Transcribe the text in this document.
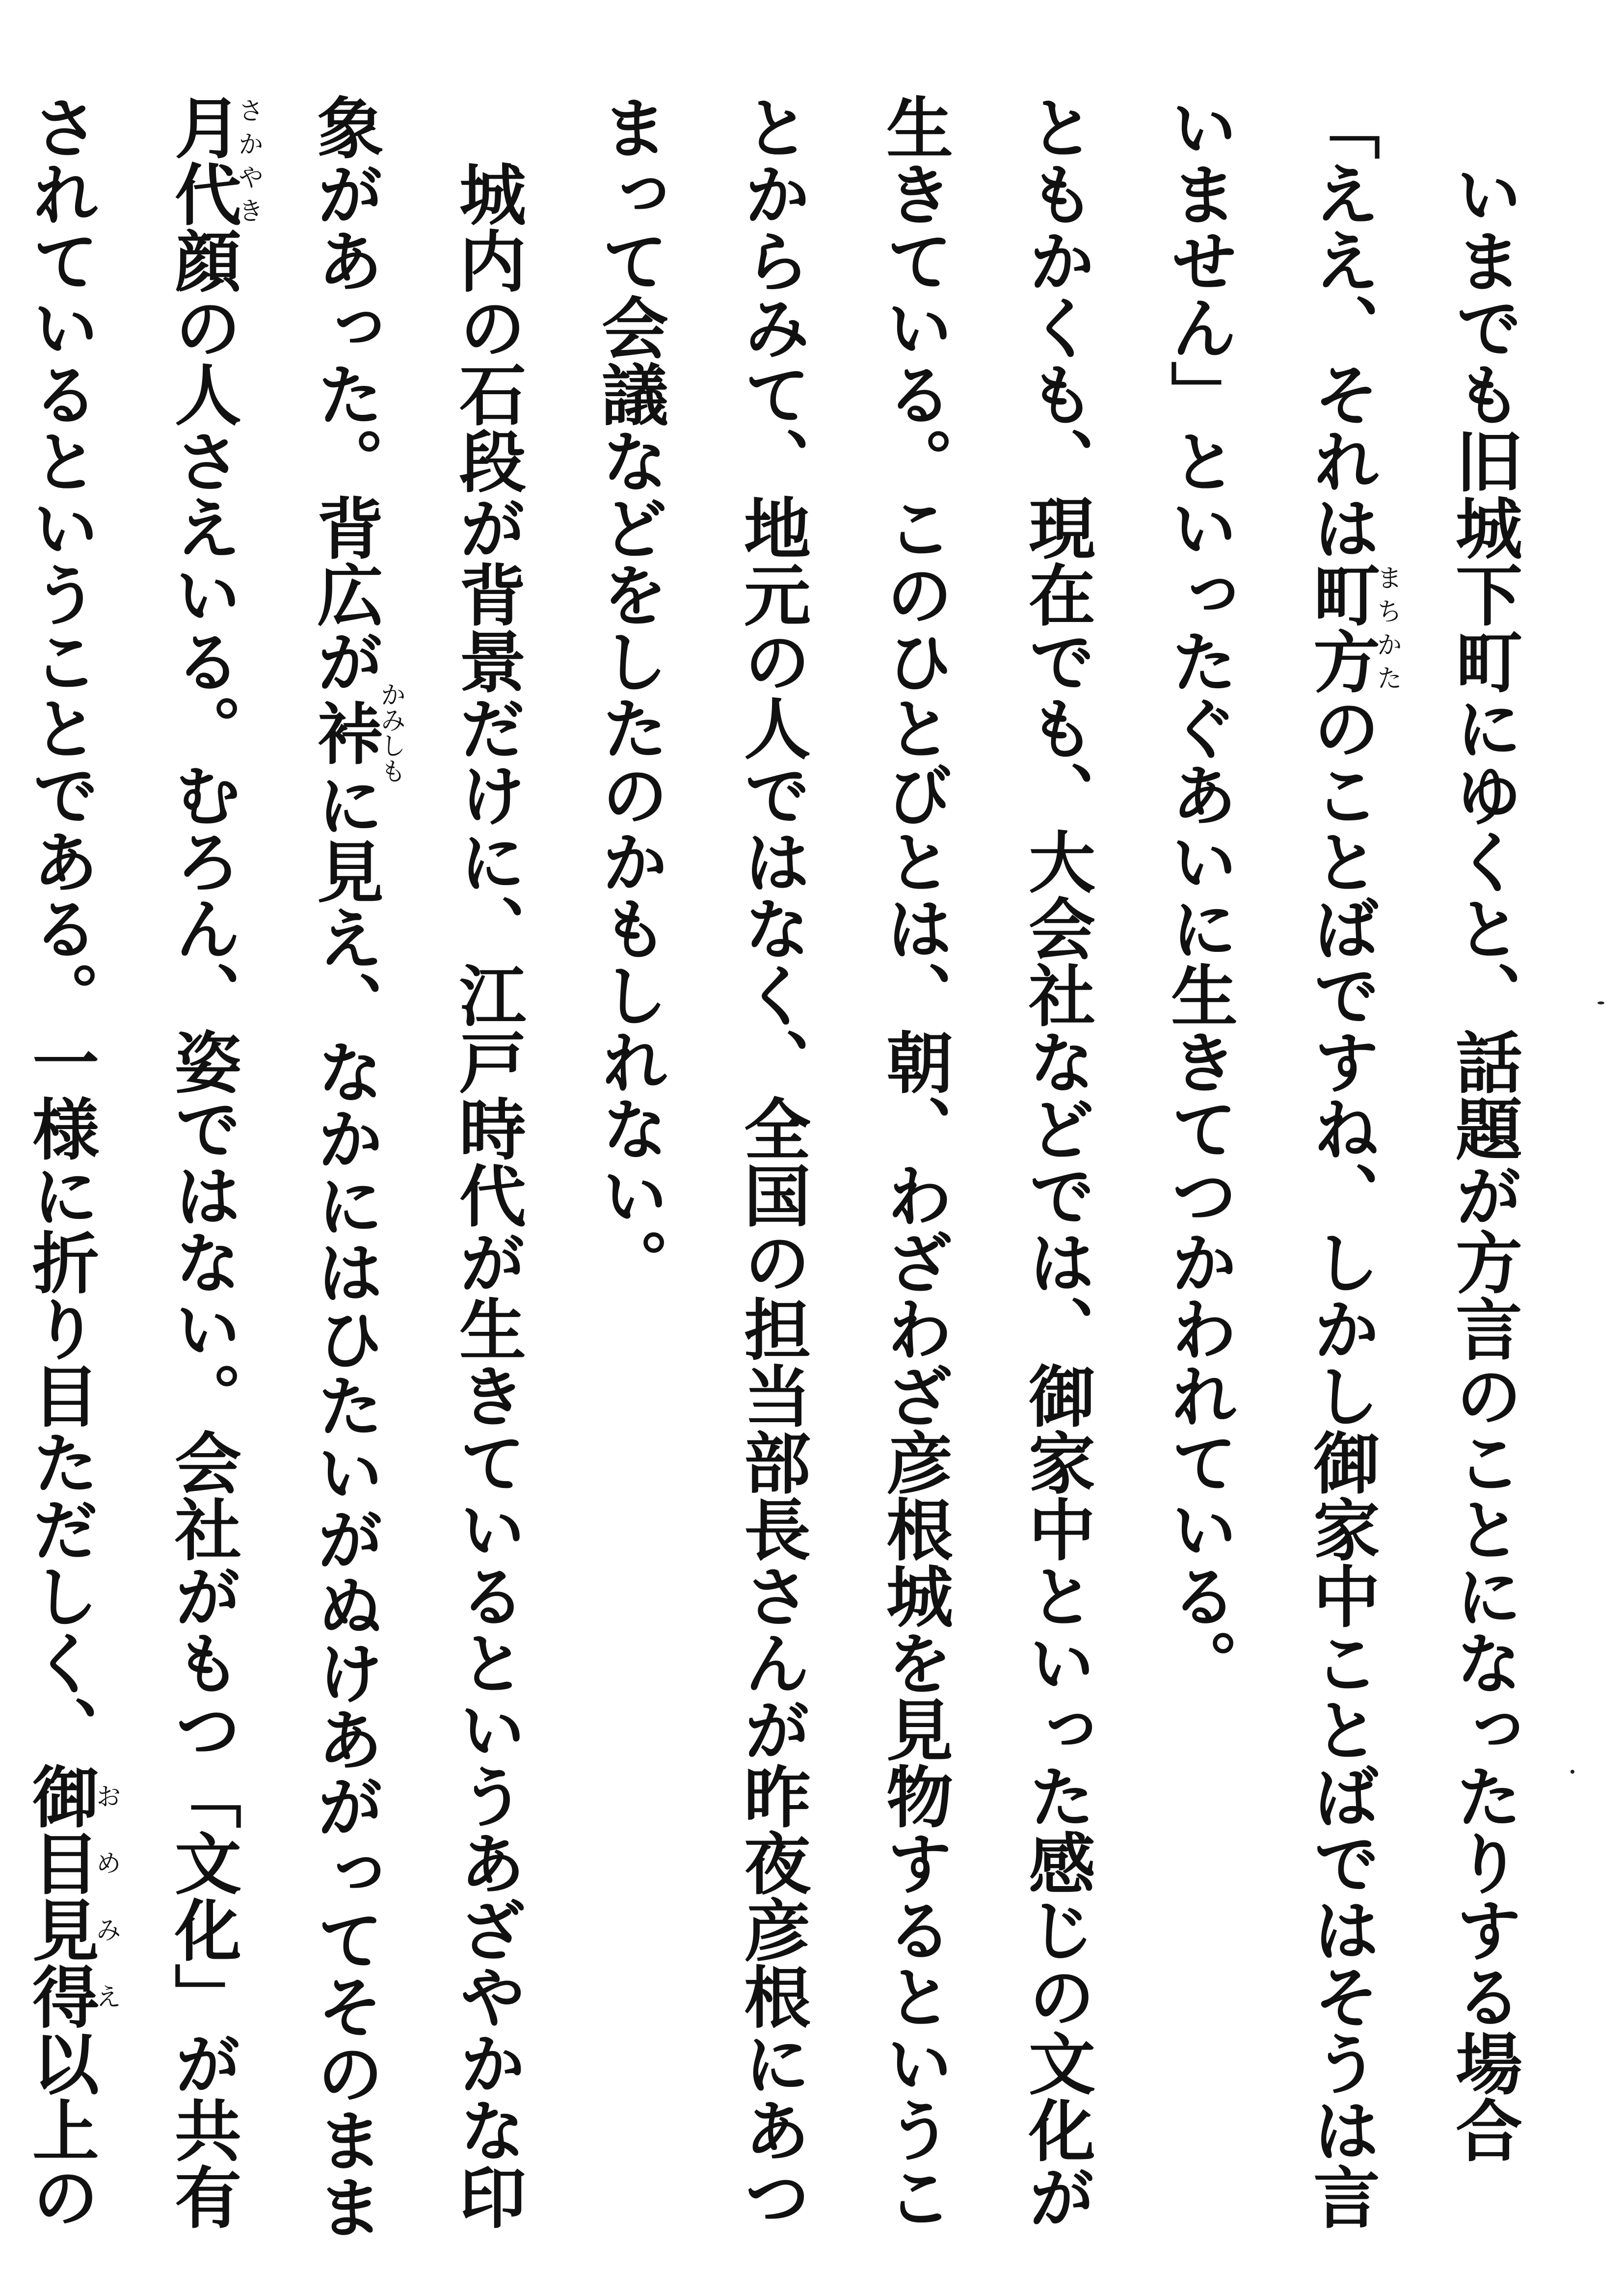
いまでも旧城下町にゆくと、話題が方言のことになったりする場合「ええ、それは町方まちかたのことばですね、しかし御家中ことばではそうは言いません」といったぐあいに生きてつかわれている。

ともかくも、現在でも、大会社などでは、御家中といった感じの文化が生きている。このひとびとは、朝、わざわざ彦根城を見物するということからみて、地元の人ではなく、全国の担当部長さんが昨夜彦根にあつまって会議などをしたのかもしれない。

城内の石段が背景だけに、江戸時代が生きているというあざやかな印象があった。背広が裃かみしもに見え、なかにはひたいがぬけあがってそのまま月代さかやき顔の人さえいる。むろん、姿ではない。会社がもつ「文化」が共有されているということである。一様に折り目ただしく、御目見得おめみえ以上の
